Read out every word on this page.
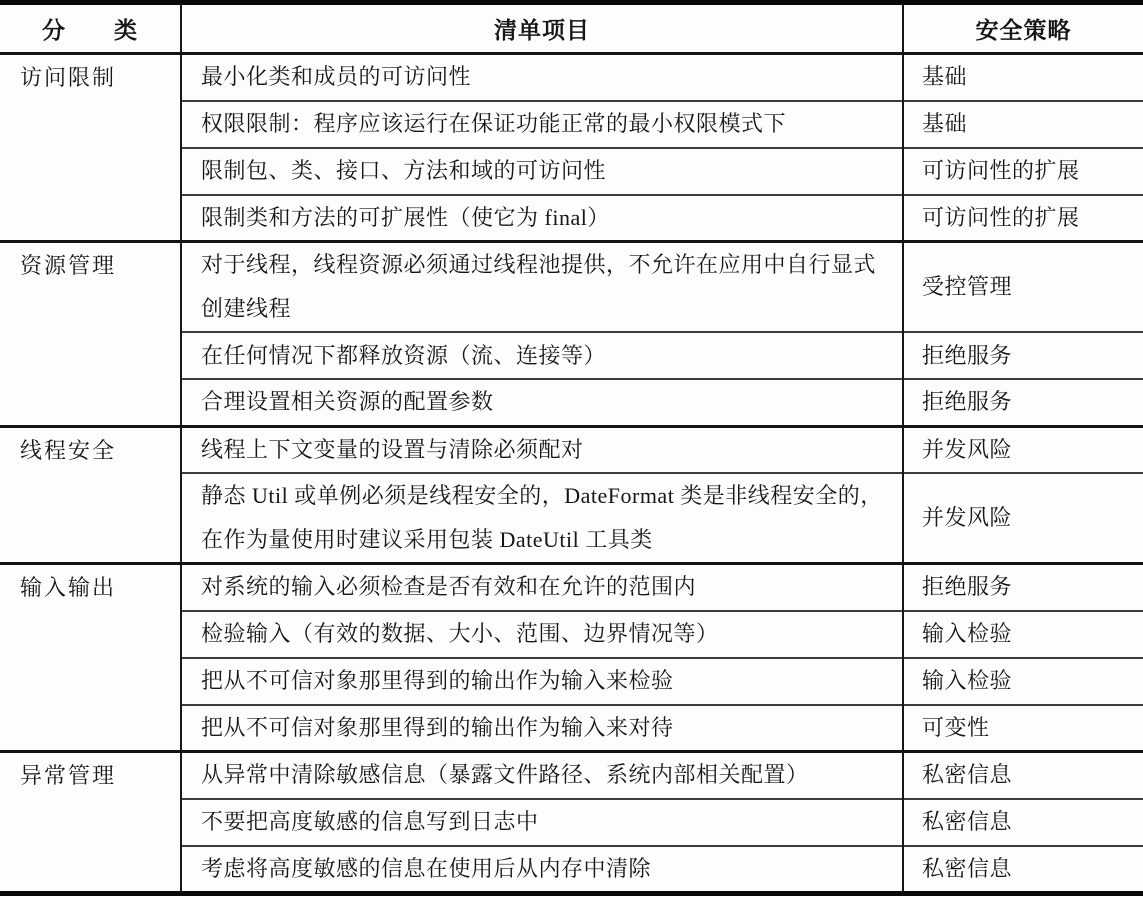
分　　类	清单项目	安全策略
访问限制	最小化类和成员的可访问性	基础
	权限限制：程序应该运行在保证功能正常的最小权限模式下	基础
	限制包、类、接口、方法和域的可访问性	可访问性的扩展
	限制类和方法的可扩展性（使它为 final）	可访问性的扩展
资源管理	对于线程，线程资源必须通过线程池提供，不允许在应用中自行显式创建线程	受控管理
	在任何情况下都释放资源（流、连接等）	拒绝服务
	合理设置相关资源的配置参数	拒绝服务
线程安全	线程上下文变量的设置与清除必须配对	并发风险
	静态 Util 或单例必须是线程安全的，DateFormat 类是非线程安全的，在作为量使用时建议采用包装 DateUtil 工具类	并发风险
输入输出	对系统的输入必须检查是否有效和在允许的范围内	拒绝服务
	检验输入（有效的数据、大小、范围、边界情况等）	输入检验
	把从不可信对象那里得到的输出作为输入来检验	输入检验
	把从不可信对象那里得到的输出作为输入来对待	可变性
异常管理	从异常中清除敏感信息（暴露文件路径、系统内部相关配置）	私密信息
	不要把高度敏感的信息写到日志中	私密信息
	考虑将高度敏感的信息在使用后从内存中清除	私密信息
